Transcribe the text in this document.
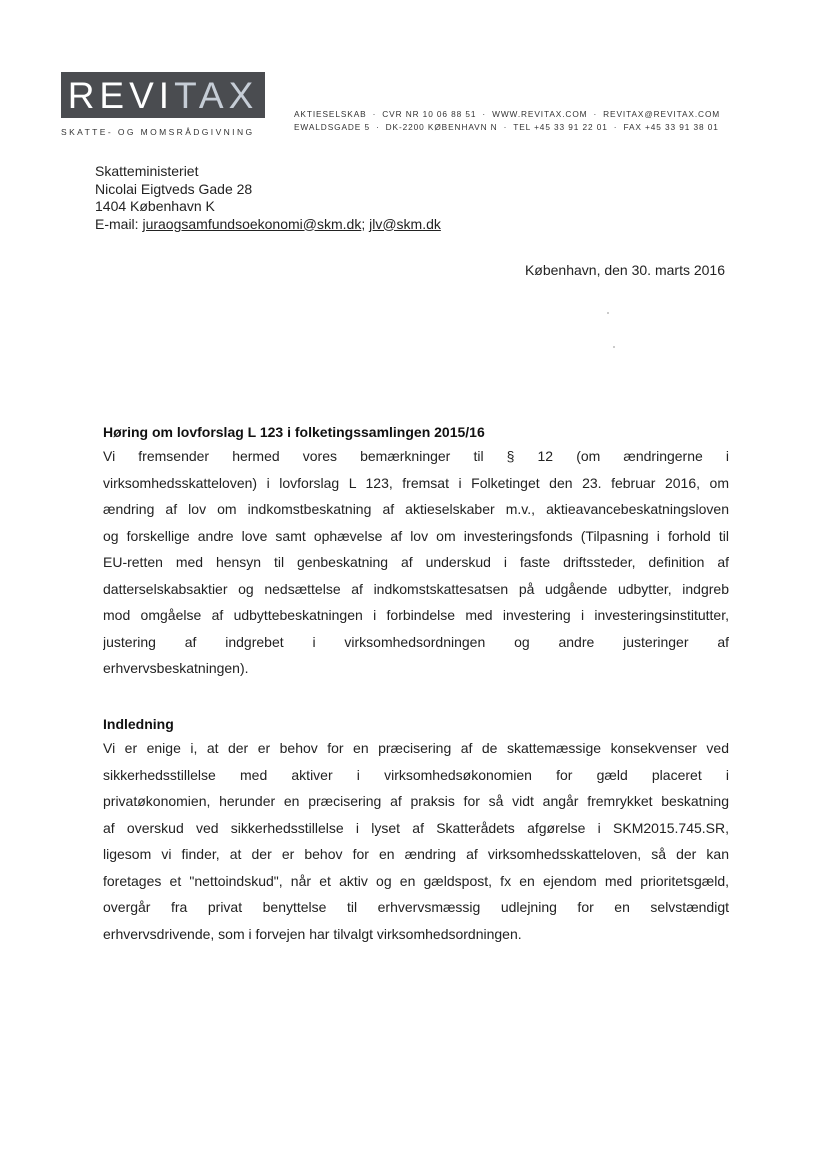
REVI TAX
SKATTE- OG MOMSRÅDGIVNING
AKTIESELSKAB · CVR NR 10 06 88 51 · WWW.REVITAX.COM · REVITAX@REVITAX.COM
EWALDSGADE 5 · DK-2200 KØBENHAVN N · TEL +45 33 91 22 01 · FAX +45 33 91 38 01
Skatteministeriet
Nicolai Eigtveds Gade 28
1404 København K
E-mail: juraogsamfundsoekonomi@skm.dk; jlv@skm.dk
København, den 30. marts 2016
Høring om lovforslag L 123 i folketingssamlingen 2015/16
Vi fremsender hermed vores bemærkninger til § 12 (om ændringerne i
virksomhedsskatteloven) i lovforslag L 123, fremsat i Folketinget den 23. februar 2016, om
ændring af lov om indkomstbeskatning af aktieselskaber m.v., aktieavancebeskatningsloven
og forskellige andre love samt ophævelse af lov om investeringsfonds (Tilpasning i forhold til
EU-retten med hensyn til genbeskatning af underskud i faste driftssteder, definition af
datterselskabsaktier og nedsættelse af indkomstskattesatsen på udgående udbytter, indgreb
mod omgåelse af udbyttebeskatningen i forbindelse med investering i investeringsinstitutter,
justering af indgrebet i virksomhedsordningen og andre justeringer af
erhvervsbeskatningen).
Indledning
Vi er enige i, at der er behov for en præcisering af de skattemæssige konsekvenser ved
sikkerhedsstillelse med aktiver i virksomhedsøkonomien for gæld placeret i
privatøkonomien, herunder en præcisering af praksis for så vidt angår fremrykket beskatning
af overskud ved sikkerhedsstillelse i lyset af Skatterådets afgørelse i SKM2015.745.SR,
ligesom vi finder, at der er behov for en ændring af virksomhedsskatteloven, så der kan
foretages et "nettoindskud", når et aktiv og en gældspost, fx en ejendom med prioritetsgæld,
overgår fra privat benyttelse til erhvervsmæssig udlejning for en selvstændigt
erhvervsdrivende, som i forvejen har tilvalgt virksomhedsordningen.
